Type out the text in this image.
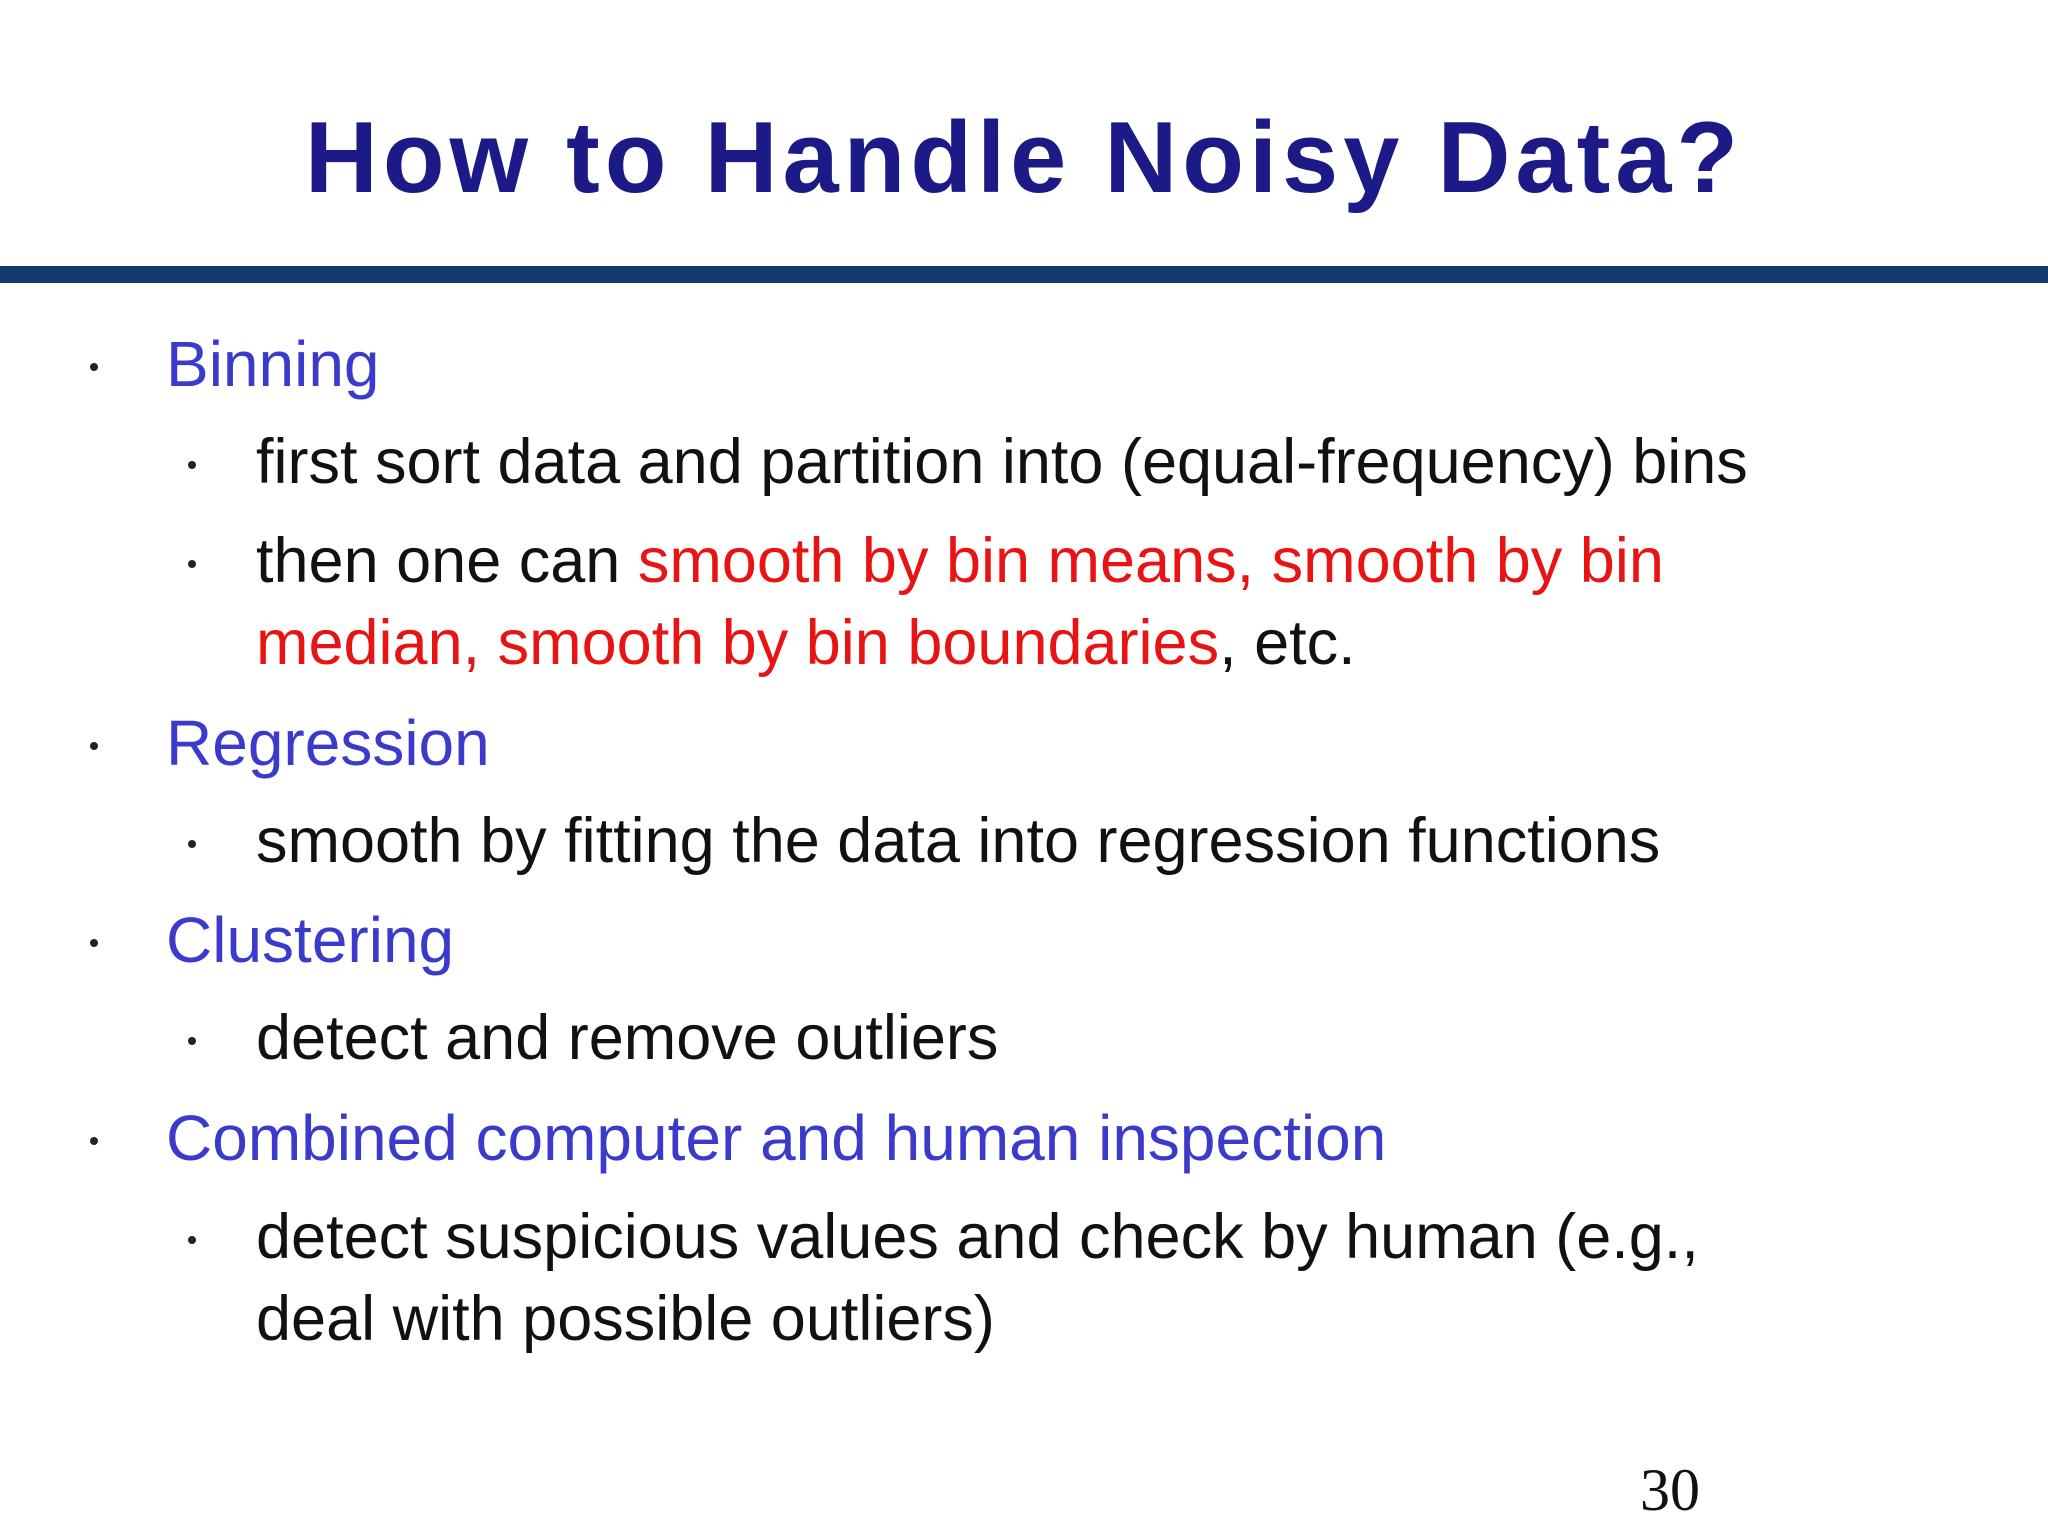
How to Handle Noisy Data?
Binning
first sort data and partition into (equal-frequency) bins
then one can smooth by bin means, smooth by bin
median, smooth by bin boundaries, etc.
Regression
smooth by fitting the data into regression functions
Clustering
detect and remove outliers
Combined computer and human inspection
detect suspicious values and check by human (e.g.,
deal with possible outliers)
30
